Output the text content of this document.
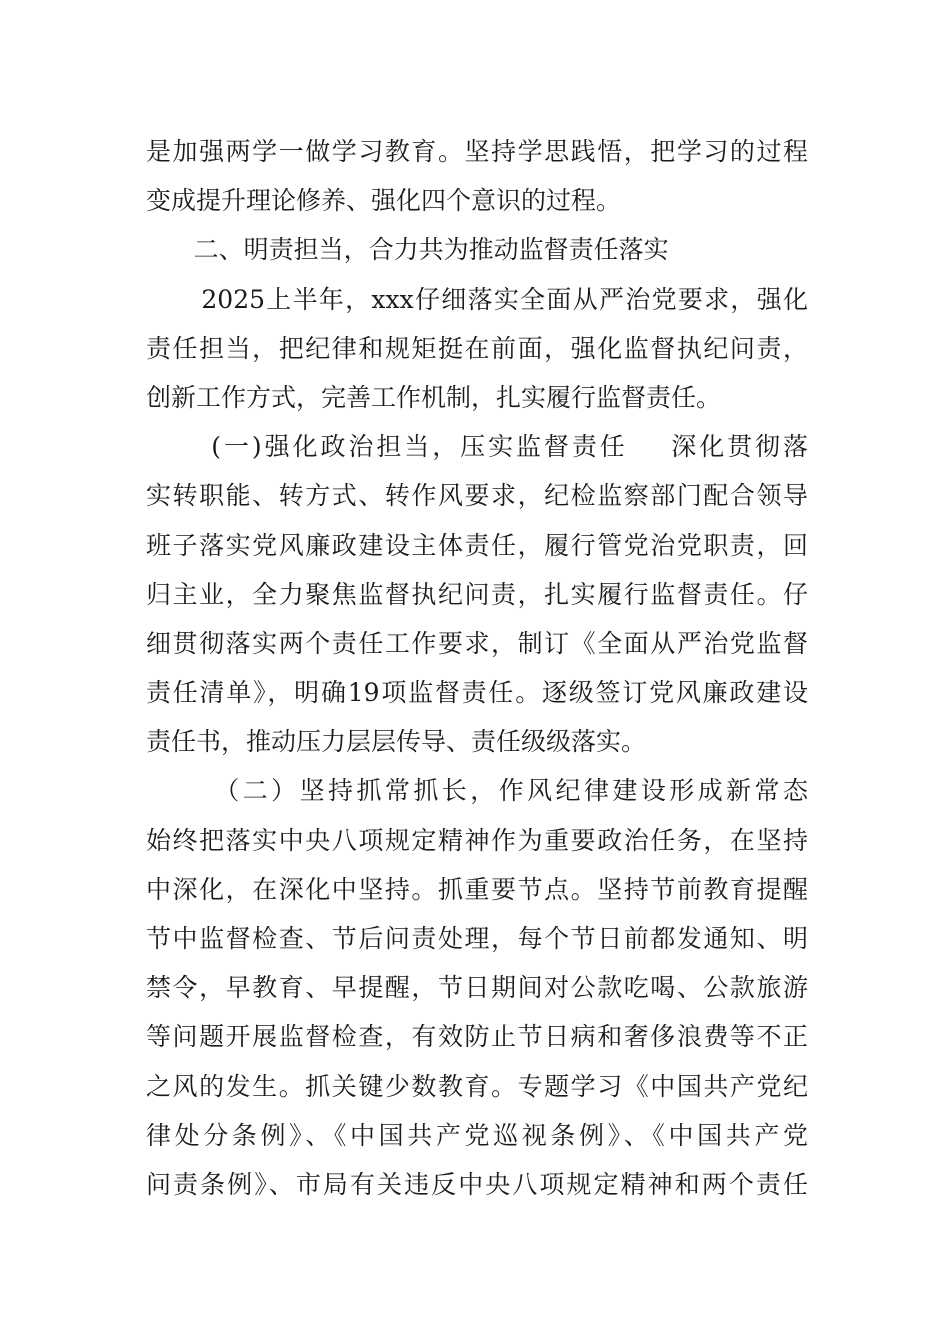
是加强两学一做学习教育。坚持学思践悟，把学习的过程
变成提升理论修养、强化四个意识的过程。
二、明责担当，合力共为推动监督责任落实
2025上半年，xxx仔细落实全面从严治党要求，强化
责任担当，把纪律和规矩挺在前面，强化监督执纪问责，
创新工作方式，完善工作机制，扎实履行监督责任。
(一)强化政治担当，压实监督责任    深化贯彻落
实转职能、转方式、转作风要求，纪检监察部门配合领导
班子落实党风廉政建设主体责任，履行管党治党职责，回
归主业，全力聚焦监督执纪问责，扎实履行监督责任。仔
细贯彻落实两个责任工作要求，制订《全面从严治党监督
责任清单》，明确19项监督责任。逐级签订党风廉政建设
责任书，推动压力层层传导、责任级级落实。
（二）坚持抓常抓长，作风纪律建设形成新常态
始终把落实中央八项规定精神作为重要政治任务，在坚持
中深化，在深化中坚持。抓重要节点。坚持节前教育提醒
节中监督检查、节后问责处理，每个节日前都发通知、明
禁令，早教育、早提醒，节日期间对公款吃喝、公款旅游
等问题开展监督检查，有效防止节日病和奢侈浪费等不正
之风的发生。抓关键少数教育。专题学习《中国共产党纪
律处分条例》、《中国共产党巡视条例》、《中国共产党
问责条例》、市局有关违反中央八项规定精神和两个责任
